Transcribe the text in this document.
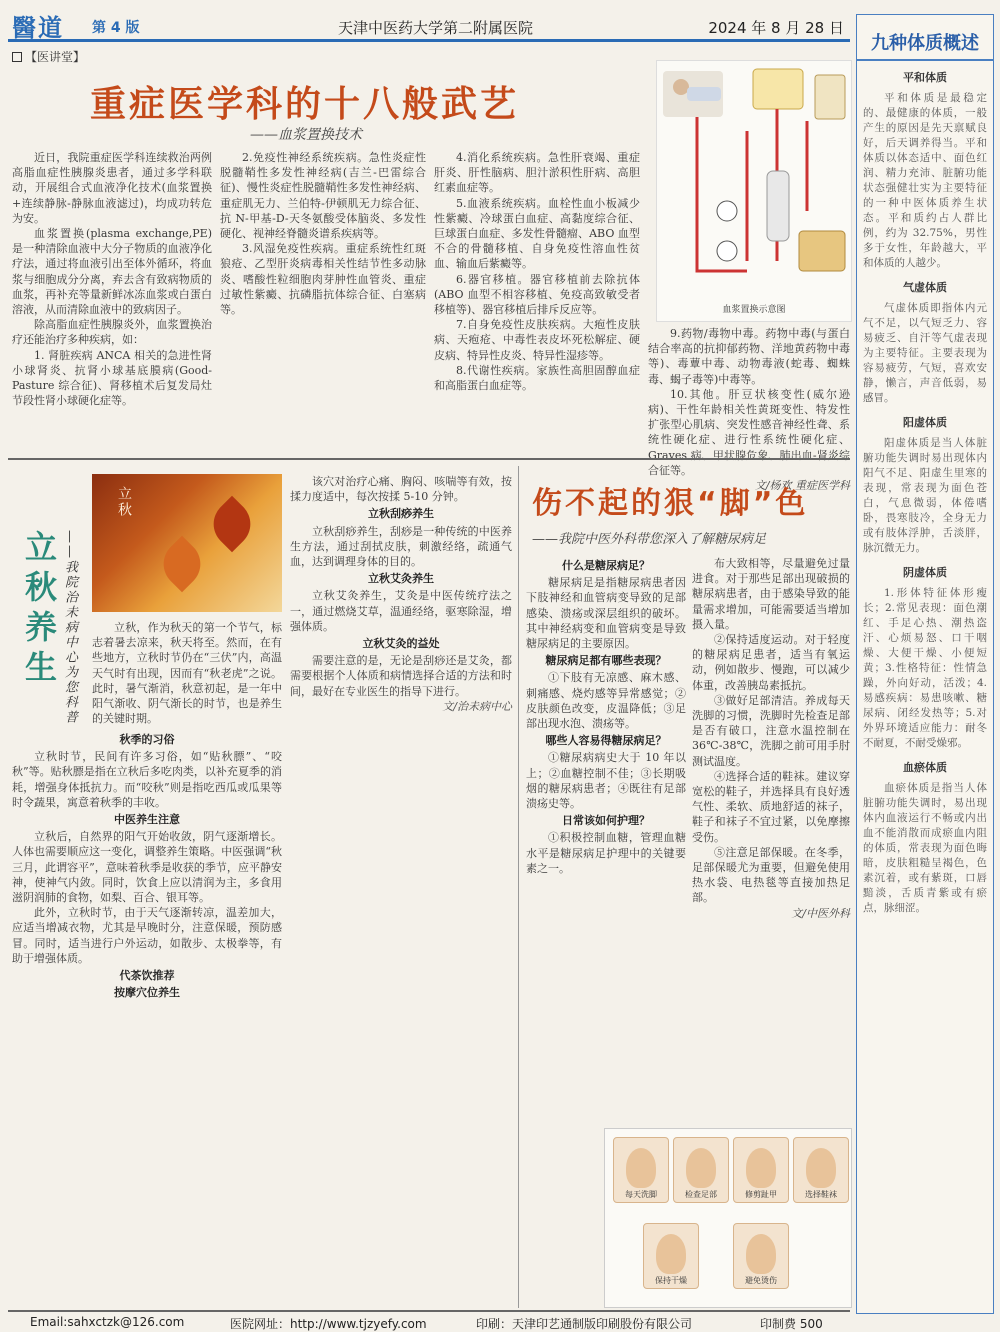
醫道 第 4 版	天津中医药大学第二附属医院	2024 年 8 月 28 日
【医讲堂】
重症医学科的十八般武艺
——血浆置换技术
血浆置换示意图

近日，我院重症医学科连续救治两例高脂血症性胰腺炎患者，通过多学科联动，开展组合式血液净化技术(血浆置换+连续静脉-静脉血液滤过)，均成功转危为安。

血浆置换(plasma exchange,PE)是一种清除血液中大分子物质的血液净化疗法，通过将血液引出至体外循环，将血浆与细胞成分分离，弃去含有致病物质的血浆，再补充等量新鲜冰冻血浆或白蛋白溶液，从而清除血液中的致病因子。

除高脂血症性胰腺炎外，血浆置换治疗还能治疗多种疾病，如：

1. 肾脏疾病 ANCA 相关的急进性肾小球肾炎、抗肾小球基底膜病(Good-Pasture 综合征)、肾移植术后复发局灶节段性肾小球硬化症等。

2.免疫性神经系统疾病。急性炎症性脱髓鞘性多发性神经病(吉兰-巴雷综合征)、慢性炎症性脱髓鞘性多发性神经病、重症肌无力、兰伯特-伊顿肌无力综合征、抗 N-甲基-D-天冬氨酸受体脑炎、多发性硬化、视神经脊髓炎谱系疾病等。

3.风湿免疫性疾病。重症系统性红斑狼疮、乙型肝炎病毒相关性结节性多动脉炎、嗜酸性粒细胞肉芽肿性血管炎、重症过敏性紫癜、抗磷脂抗体综合征、白塞病等。

4.消化系统疾病。急性肝衰竭、重症肝炎、肝性脑病、胆汁淤积性肝病、高胆红素血症等。

5.血液系统疾病。血栓性血小板减少性紫癜、冷球蛋白血症、高黏度综合征、巨球蛋白血症、多发性骨髓瘤、ABO 血型不合的骨髓移植、自身免疫性溶血性贫血、输血后紫癜等。

6.器官移植。器官移植前去除抗体(ABO 血型不相容移植、免疫高致敏受者移植等)、器官移植后排斥反应等。

7.自身免疫性皮肤疾病。大疱性皮肤病、天疱疮、中毒性表皮坏死松解症、硬皮病、特异性皮炎、特异性湿疹等。

8.代谢性疾病。家族性高胆固醇血症和高脂蛋白血症等。

9.药物/毒物中毒。药物中毒(与蛋白结合率高的抗抑郁药物、洋地黄药物中毒等)、毒蕈中毒、动物毒液(蛇毒、蜘蛛毒、蝎子毒等)中毒等。

10.其他。肝豆状核变性(威尔逊病)、干性年龄相关性黄斑变性、特发性扩张型心肌病、突发性感音神经性聋、系统性硬化症、进行性系统性硬化症、Graves 病、甲状腺危象、肺出血-肾炎综合征等。

文/杨欢 重症医学科

立秋
立秋养生 ——我院治未病中心为您科普	立秋，作为秋天的第一个节气，标志着暑去凉来，秋天将至。然而，在有些地方，立秋时节仍在“三伏”内，高温天气时有出现，因而有“秋老虎”之说。此时，暑气渐消，秋意初起，是一年中阳气渐收、阴气渐长的时节，也是养生的关键时期。

秋季的习俗

立秋时节，民间有许多习俗，如“贴秋膘”、“咬秋”等。贴秋膘是指在立秋后多吃肉类，以补充夏季的消耗，增强身体抵抗力。而“咬秋”则是指吃西瓜或瓜果等时令蔬果，寓意着秋季的丰收。

中医养生注意

立秋后，自然界的阳气开始收敛，阴气逐渐增长。人体也需要顺应这一变化，调整养生策略。中医强调“秋三月，此谓容平”，意味着秋季是收获的季节，应平静安神，使神气内敛。同时，饮食上应以清润为主，多食用滋阴润肺的食物，如梨、百合、银耳等。

此外，立秋时节，由于天气逐渐转凉，温差加大，应适当增减衣物，尤其是早晚时分，注意保暖，预防感冒。同时，适当进行户外运动，如散步、太极拳等，有助于增强体质。

代茶饮推荐

按摩穴位养生

该穴对治疗心痛、胸闷、咳喘等有效，按揉力度适中，每次按揉 5-10 分钟。

立秋刮痧养生

立秋刮痧养生，刮痧是一种传统的中医养生方法，通过刮拭皮肤，刺激经络，疏通气血，达到调理身体的目的。

立秋艾灸养生

立秋艾灸养生，艾灸是中医传统疗法之一，通过燃烧艾草，温通经络，驱寒除湿，增强体质。

立秋艾灸的益处

需要注意的是，无论是刮痧还是艾灸，都需要根据个人体质和病情选择合适的方法和时间，最好在专业医生的指导下进行。

文/治未病中心

伤不起的狠“脚”色
——我院中医外科带您深入了解糖尿病足

什么是糖尿病足？

糖尿病足是指糖尿病患者因下肢神经和血管病变导致的足部感染、溃疡或深层组织的破坏。其中神经病变和血管病变是导致糖尿病足的主要原因。

糖尿病足都有哪些表现？

①下肢有无凉感、麻木感、刺痛感、烧灼感等异常感觉；②皮肤颜色改变，皮温降低；③足部出现水泡、溃疡等。

哪些人容易得糖尿病足？

①糖尿病病史大于 10 年以上；②血糖控制不佳；③长期吸烟的糖尿病患者；④既往有足部溃疡史等。

日常该如何护理？

①积极控制血糖，管理血糖水平是糖尿病足护理中的关键要素之一。

布大致相等，尽量避免过量进食。对于那些足部出现破损的糖尿病患者，由于感染导致的能量需求增加，可能需要适当增加摄入量。

②保持适度运动。对于轻度的糖尿病足患者，适当有氧运动，例如散步、慢跑，可以减少体重，改善胰岛素抵抗。

③做好足部清洁。养成每天洗脚的习惯，洗脚时先检查足部是否有破口，注意水温控制在 36℃-38℃，洗脚之前可用手肘测试温度。

④选择合适的鞋袜。建议穿宽松的鞋子，并选择具有良好透气性、柔软、质地舒适的袜子，鞋子和袜子不宜过紧，以免摩擦受伤。

⑤注意足部保暖。在冬季，足部保暖尤为重要，但避免使用热水袋、电热毯等直接加热足部。

文/中医外科

每天洗脚	检查足部	修剪趾甲	选择鞋袜
保持干燥	避免烫伤
九种体质概述
平和体质
平和体质是最稳定的、最健康的体质，一般产生的原因是先天禀赋良好，后天调养得当。平和体质以体态适中、面色红润、精力充沛、脏腑功能状态强健壮实为主要特征的一种中医体质养生状态。平和质约占人群比例，约为 32.75%，男性多于女性，年龄越大，平和体质的人越少。
气虚体质
气虚体质即指体内元气不足，以气短乏力、容易疲乏、自汗等气虚表现为主要特征。主要表现为容易疲劳，气短，喜欢安静，懒言，声音低弱，易感冒。
阳虚体质
阳虚体质是当人体脏腑功能失调时易出现体内阳气不足、阳虚生里寒的表现，常表现为面色苍白，气息微弱，体倦嗜卧，畏寒肢冷，全身无力或有肢体浮肿，舌淡胖，脉沉微无力。
阴虚体质
1.形体特征体形瘦长；2.常见表现：面色潮红、手足心热、潮热盗汗、心烦易怒、口干咽燥、大便干燥、小便短黄；3.性格特征：性情急躁，外向好动，活泼；4.易感疾病：易患咳嗽、糖尿病、闭经发热等；5.对外界环境适应能力：耐冬不耐夏，不耐受燥邪。
血瘀体质
血瘀体质是指当人体脏腑功能失调时，易出现体内血液运行不畅或内出血不能消散而成瘀血内阻的体质，常表现为面色晦暗，皮肤粗糙呈褐色，色素沉着，或有紫斑，口唇黯淡，舌质青紫或有瘀点，脉细涩。
Email:sahxctzk@126.com	医院网址：http://www.tjzyefy.com	印刷：天津印艺通制版印刷股份有限公司	印制费 500
